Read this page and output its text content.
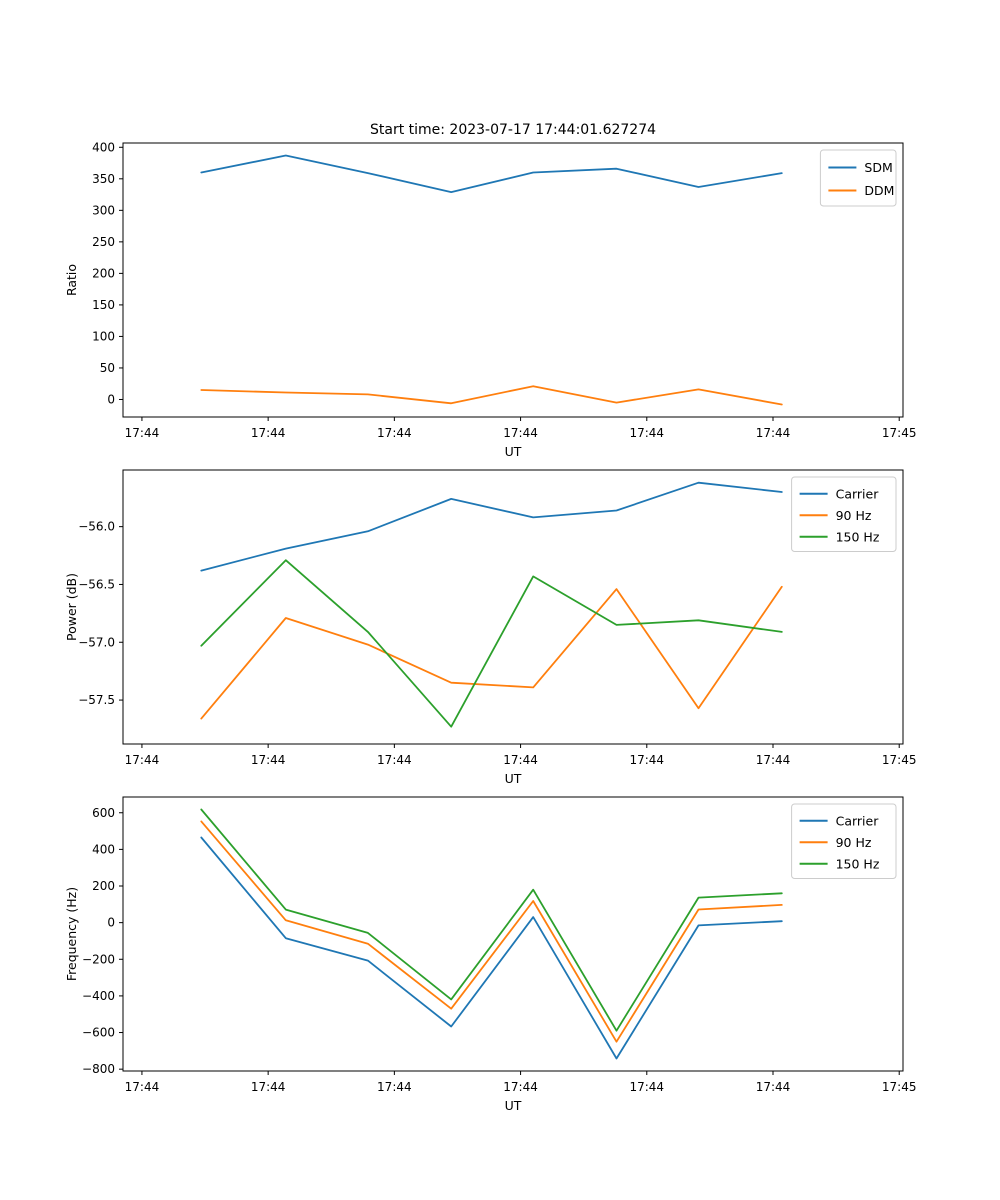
Start time: 2023-07-17 17:44:01.627274
0
50
100
150
200
250
300
350
400
17:44	17:44	17:44	17:44	17:44	17:44	17:45
Ratio
UT
SDM
DDM
−56.0
−56.5
−57.0
−57.5
17:44	17:44	17:44	17:44	17:44	17:44	17:45
Power (dB)
UT
Carrier
90 Hz
150 Hz
600
400
200
0
−200
−400
−600
−800
17:44	17:44	17:44	17:44	17:44	17:44	17:45
Frequency (Hz)
UT
Carrier
90 Hz
150 Hz
